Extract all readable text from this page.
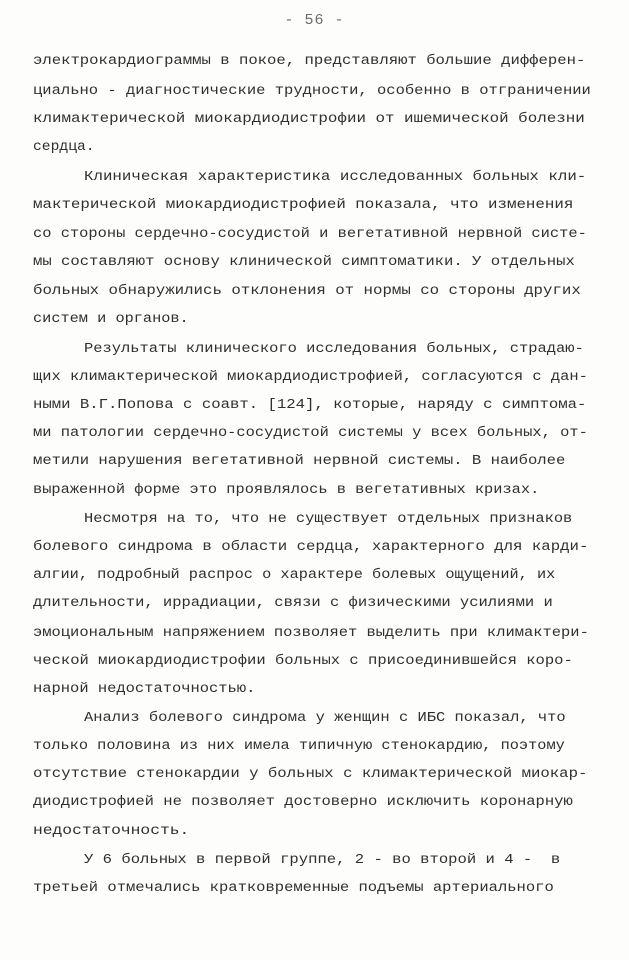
- 56 -
электрокардиограммы в покое, представляют большие дифферен-
циально - диагностические трудности, особенно в отграничении
климактерической миокардиодистрофии от ишемической болезни
сердца.
Клиническая характеристика исследованных больных кли-
мактерической миокардиодистрофией показала, что изменения
со стороны сердечно-сосудистой и вегетативной нервной систе-
мы составляют основу клинической симптоматики. У отдельных
больных обнаружились отклонения от нормы со стороны других
систем и органов.
Результаты клинического исследования больных, страдаю-
щих климактерической миокардиодистрофией, согласуются с дан-
ными В.Г.Попова с соавт. [124], которые, наряду с симптома-
ми патологии сердечно-сосудистой системы у всех больных, от-
метили нарушения вегетативной нервной системы. В наиболее
выраженной форме это проявлялось в вегетативных кризах.
Несмотря на то, что не существует отдельных признаков
болевого синдрома в области сердца, характерного для карди-
алгии, подробный распрос о характере болевых ощущений, их
длительности, иррадиации, связи с физическими усилиями и
эмоциональным напряжением позволяет выделить при климактери-
ческой миокардиодистрофии больных с присоединившейся коро-
нарной недостаточностью.
Анализ болевого синдрома у женщин с ИБС показал, что
только половина из них имела типичную стенокардию, поэтому
отсутствие стенокардии у больных с климактерической миокар-
диодистрофией не позволяет достоверно исключить коронарную
недостаточность.
У 6 больных в первой группе, 2 - во второй и 4 -  в
третьей отмечались кратковременные подъемы артериального
